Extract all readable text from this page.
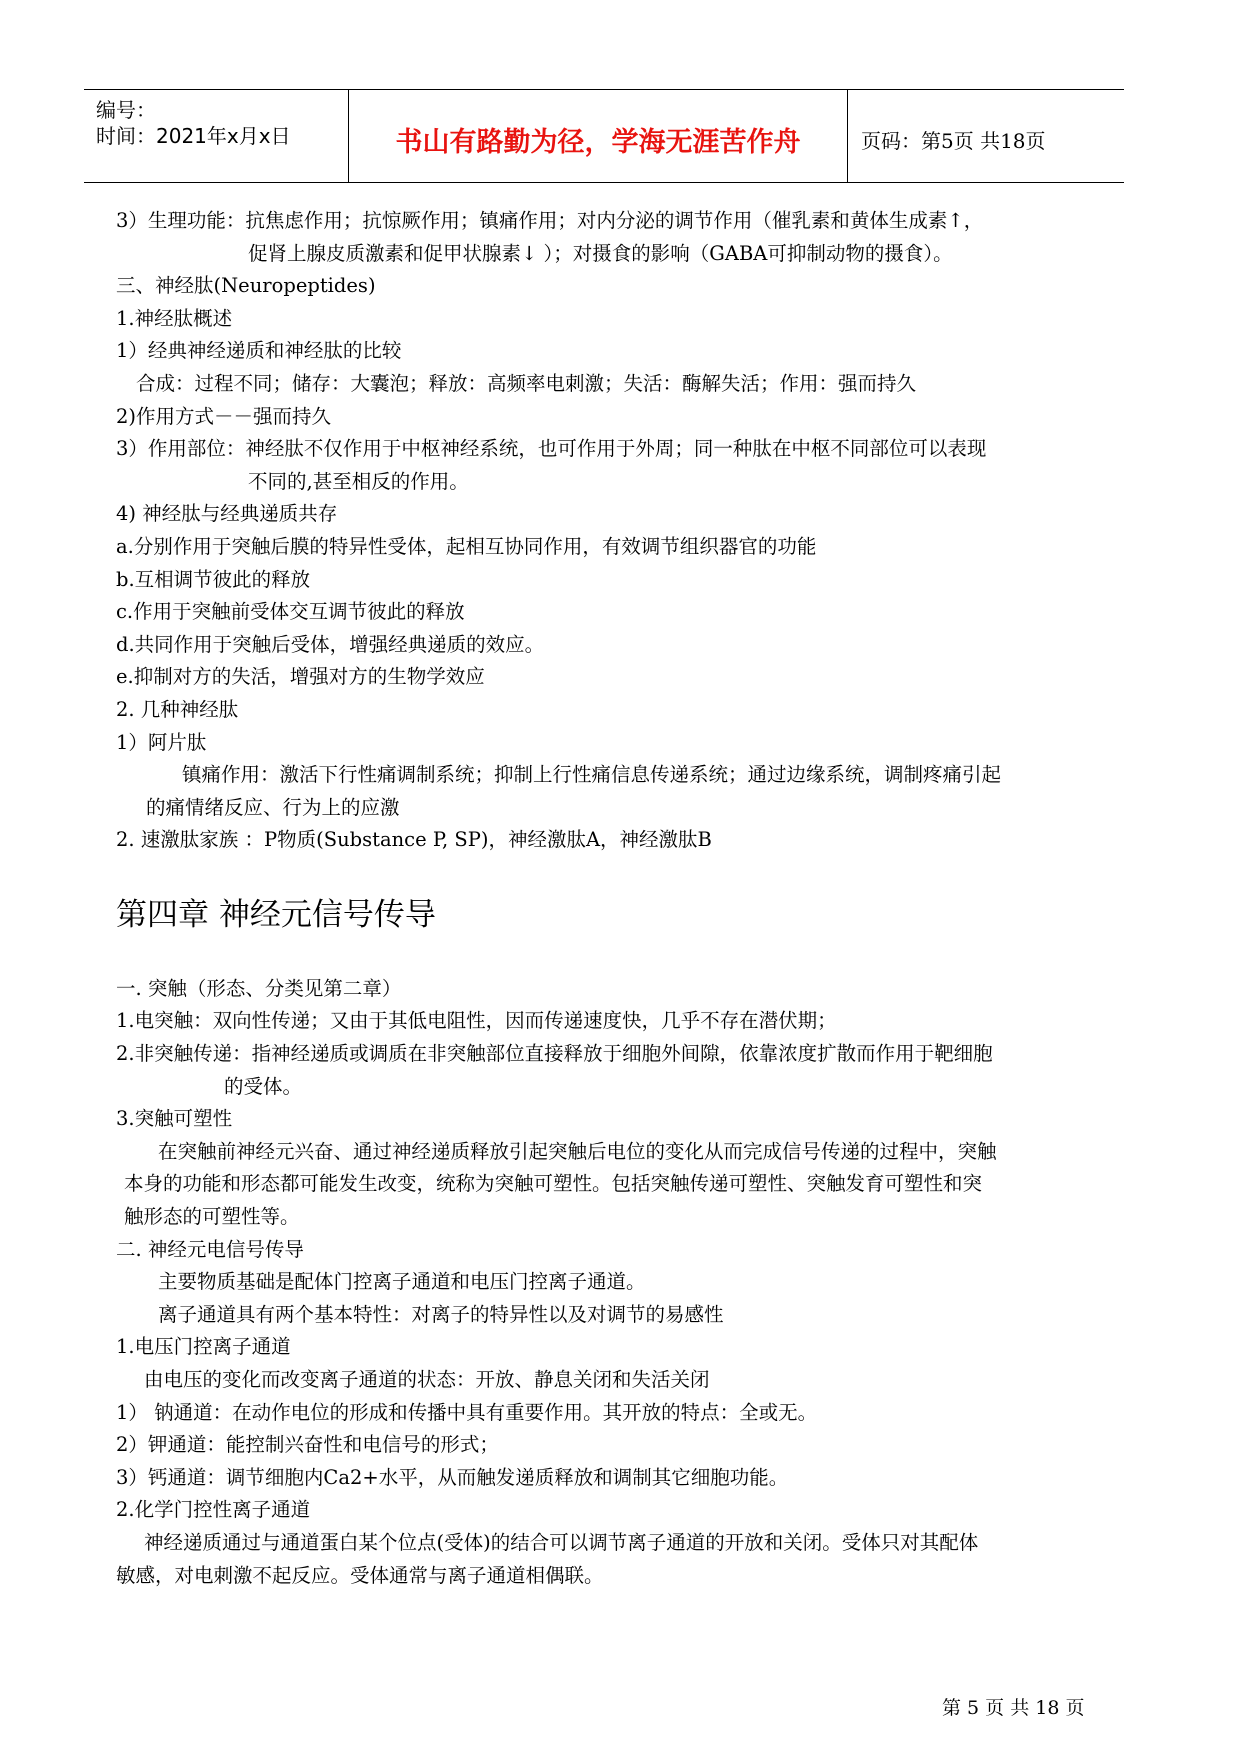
编号：
时间：2021年x月x日	书山有路勤为径，学海无涯苦作舟	页码：第5页 共18页
3）生理功能：抗焦虑作用；抗惊厥作用；镇痛作用；对内分泌的调节作用（催乳素和黄体生成素↑，
促肾上腺皮质激素和促甲状腺素↓ ）；对摄食的影响（GABA可抑制动物的摄食）。
三、神经肽(Neuropeptides)
1.神经肽概述
1）经典神经递质和神经肽的比较
合成：过程不同；储存：大囊泡；释放：高频率电刺激；失活：酶解失活；作用：强而持久
2)作用方式－－强而持久
3）作用部位：神经肽不仅作用于中枢神经系统，也可作用于外周；同一种肽在中枢不同部位可以表现
不同的,甚至相反的作用。
4) 神经肽与经典递质共存
a.分别作用于突触后膜的特异性受体，起相互协同作用，有效调节组织器官的功能
b.互相调节彼此的释放
c.作用于突触前受体交互调节彼此的释放
d.共同作用于突触后受体，增强经典递质的效应。
e.抑制对方的失活，增强对方的生物学效应
2. 几种神经肽
1）阿片肽
镇痛作用：激活下行性痛调制系统；抑制上行性痛信息传递系统；通过边缘系统，调制疼痛引起
的痛情绪反应、行为上的应激
2. 速激肽家族 ：P物质(Substance P, SP)，神经激肽A，神经激肽B
第四章 神经元信号传导
一. 突触（形态、分类见第二章）
1.电突触：双向性传递；又由于其低电阻性，因而传递速度快，几乎不存在潜伏期；
2.非突触传递：指神经递质或调质在非突触部位直接释放于细胞外间隙，依靠浓度扩散而作用于靶细胞
的受体。
3.突触可塑性
在突触前神经元兴奋、通过神经递质释放引起突触后电位的变化从而完成信号传递的过程中，突触
本身的功能和形态都可能发生改变，统称为突触可塑性。包括突触传递可塑性、突触发育可塑性和突
触形态的可塑性等。
二. 神经元电信号传导
主要物质基础是配体门控离子通道和电压门控离子通道。
离子通道具有两个基本特性：对离子的特异性以及对调节的易感性
1.电压门控离子通道
由电压的变化而改变离子通道的状态：开放、静息关闭和失活关闭
1） 钠通道：在动作电位的形成和传播中具有重要作用。其开放的特点：全或无。
2）钾通道：能控制兴奋性和电信号的形式；
3）钙通道：调节细胞内Ca2+水平，从而触发递质释放和调制其它细胞功能。
2.化学门控性离子通道
神经递质通过与通道蛋白某个位点(受体)的结合可以调节离子通道的开放和关闭。受体只对其配体
敏感，对电刺激不起反应。受体通常与离子通道相偶联。
第 5 页 共 18 页
